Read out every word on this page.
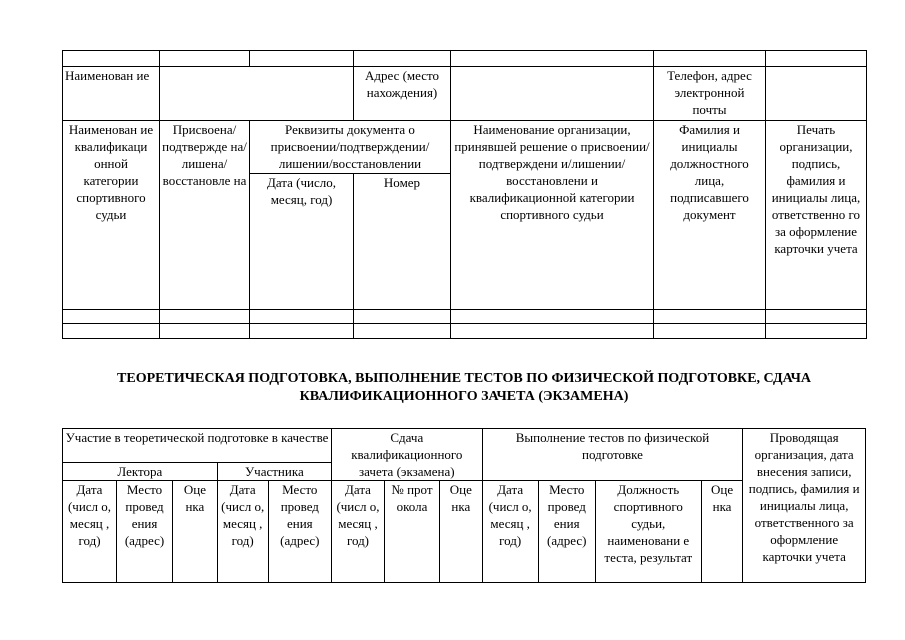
Наименован ие			Адрес (место нахождения)		Телефон, адрес электронной почты	
Наименован ие квалификаци онной категории спортивного судьи	Присвоена/ подтвержде на/лишена/ восстановле на	Реквизиты документа о присвоении/подтверждении/ лишении/восстановлении		Наименование организации, принявшей решение о присвоении/подтверждени и/лишении/восстановлени и квалификационной категории спортивного судьи	Фамилия и инициалы должностного лица, подписавшего документ	Печать организации, подпись, фамилия и инициалы лица, ответственно го за оформление карточки учета
		Дата (число, месяц, год)	Номер			

ТЕОРЕТИЧЕСКАЯ ПОДГОТОВКА, ВЫПОЛНЕНИЕ ТЕСТОВ ПО ФИЗИЧЕСКОЙ ПОДГОТОВКЕ, СДАЧА
КВАЛИФИКАЦИОННОГО ЗАЧЕТА (ЭКЗАМЕНА)
Участие в теоретической подготовке в качестве					Сдача квалификационного зачета (экзамена)			Выполнение тестов по физической подготовке				Проводящая организация, дата внесения записи, подпись, фамилия и инициалы лица, ответственного за оформление карточки учета
Лектора			Участника									
Дата (числ о, месяц , год)	Место провед ения (адрес)	Оце нка	Дата (числ о, месяц , год)	Место провед ения (адрес)	Дата (числ о, месяц , год)	№ прот окола	Оце нка	Дата (числ о, месяц , год)	Место провед ения (адрес)	Должность спортивного судьи, наименовани е теста, результат	Оце нка	
